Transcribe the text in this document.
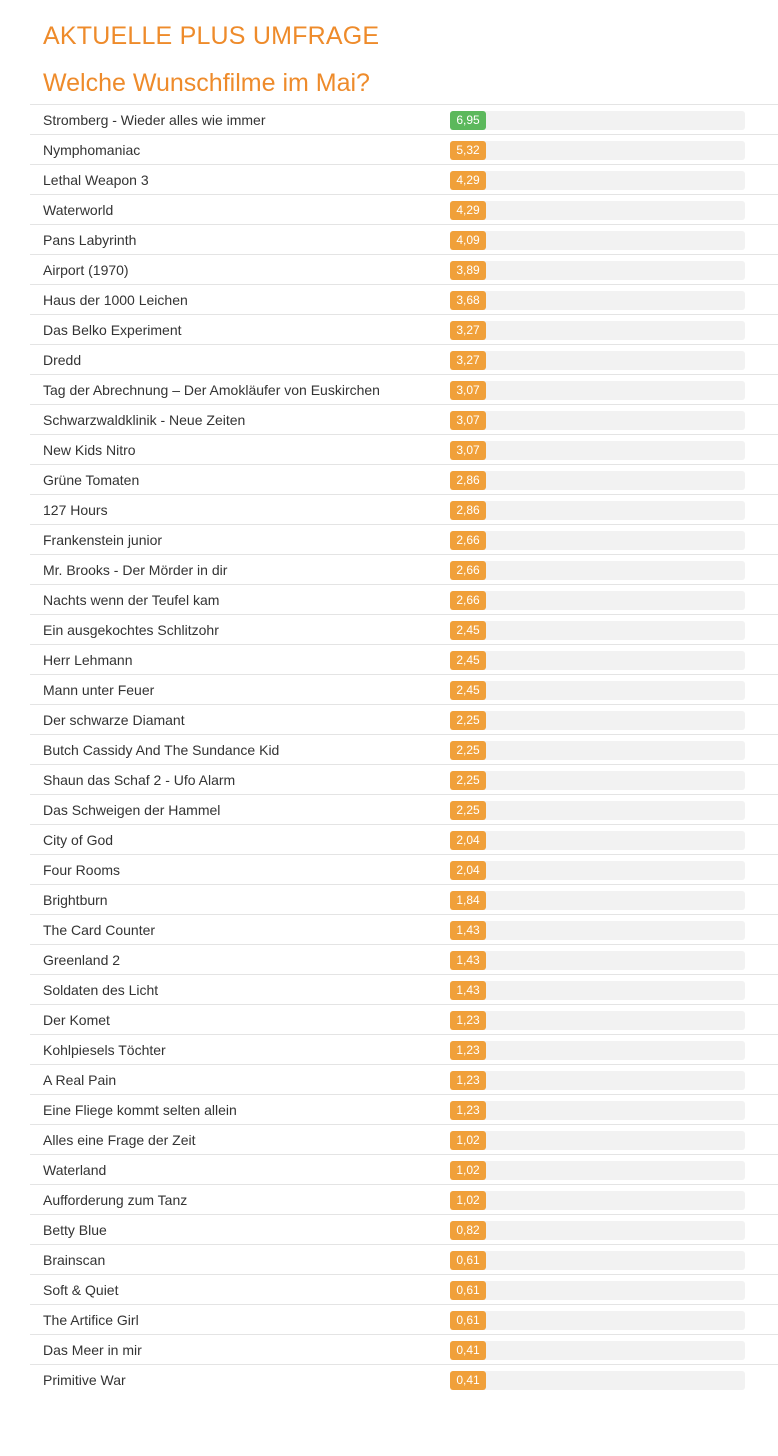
AKTUELLE PLUS UMFRAGE
Welche Wunschfilme im Mai?
Stromberg - Wieder alles wie immer	6,95
Nymphomaniac	5,32
Lethal Weapon 3	4,29
Waterworld	4,29
Pans Labyrinth	4,09
Airport (1970)	3,89
Haus der 1000 Leichen	3,68
Das Belko Experiment	3,27
Dredd	3,27
Tag der Abrechnung – Der Amokläufer von Euskirchen	3,07
Schwarzwaldklinik - Neue Zeiten	3,07
New Kids Nitro	3,07
Grüne Tomaten	2,86
127 Hours	2,86
Frankenstein junior	2,66
Mr. Brooks - Der Mörder in dir	2,66
Nachts wenn der Teufel kam	2,66
Ein ausgekochtes Schlitzohr	2,45
Herr Lehmann	2,45
Mann unter Feuer	2,45
Der schwarze Diamant	2,25
Butch Cassidy And The Sundance Kid	2,25
Shaun das Schaf 2 - Ufo Alarm	2,25
Das Schweigen der Hammel	2,25
City of God	2,04
Four Rooms	2,04
Brightburn	1,84
The Card Counter	1,43
Greenland 2	1,43
Soldaten des Licht	1,43
Der Komet	1,23
Kohlpiesels Töchter	1,23
A Real Pain	1,23
Eine Fliege kommt selten allein	1,23
Alles eine Frage der Zeit	1,02
Waterland	1,02
Aufforderung zum Tanz	1,02
Betty Blue	0,82
Brainscan	0,61
Soft & Quiet	0,61
The Artifice Girl	0,61
Das Meer in mir	0,41
Primitive War	0,41
